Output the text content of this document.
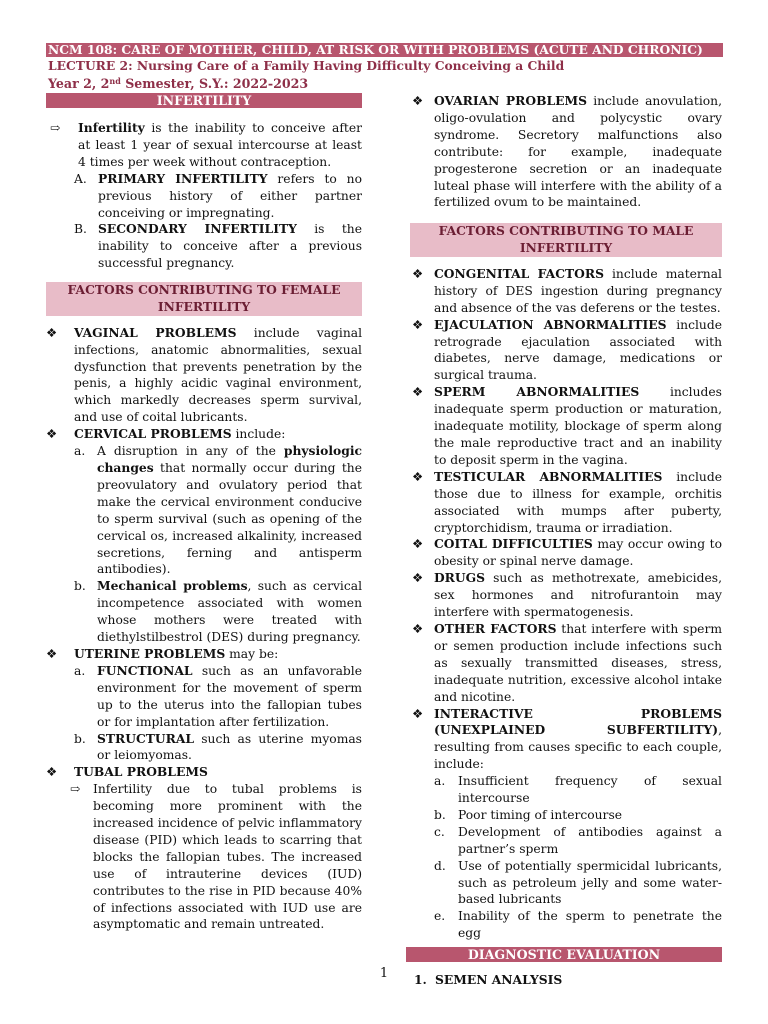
NCM 108: CARE OF MOTHER, CHILD, AT RISK OR WITH PROBLEMS (ACUTE AND CHRONIC)
LECTURE 2: Nursing Care of a Family Having Difficulty Conceiving a Child
Year 2, 2nd Semester, S.Y.: 2022-2023
INFERTILITY
⇨	Infertility is the inability to conceive after at least 1 year of sexual intercourse at least 4 times per week without contraception.
A. PRIMARY INFERTILITY refers to no previous history of either partner conceiving or impregnating.
B. SECONDARY INFERTILITY is the inability to conceive after a previous successful pregnancy.
FACTORS CONTRIBUTING TO FEMALE INFERTILITY
❖	VAGINAL PROBLEMS include vaginal infections, anatomic abnormalities, sexual dysfunction that prevents penetration by the penis, a highly acidic vaginal environment, which markedly decreases sperm survival, and use of coital lubricants.
❖	CERVICAL PROBLEMS include:
a. A disruption in any of the physiologic changes that normally occur during the preovulatory and ovulatory period that make the cervical environment conducive to sperm survival (such as opening of the cervical os, increased alkalinity, increased secretions, ferning and antisperm antibodies).
b. Mechanical problems, such as cervical incompetence associated with women whose mothers were treated with diethylstilbestrol (DES) during pregnancy.
❖	UTERINE PROBLEMS may be:
a. FUNCTIONAL such as an unfavorable environment for the movement of sperm up to the uterus into the fallopian tubes or for implantation after fertilization.
b. STRUCTURAL such as uterine myomas or leiomyomas.
❖	TUBAL PROBLEMS
⇨	Infertility due to tubal problems is becoming more prominent with the increased incidence of pelvic inflammatory disease (PID) which leads to scarring that blocks the fallopian tubes. The increased use of intrauterine devices (IUD) contributes to the rise in PID because 40% of infections associated with IUD use are asymptomatic and remain untreated.
❖ OVARIAN PROBLEMS include anovulation, oligo-ovulation and polycystic ovary syndrome. Secretory malfunctions also contribute: for example, inadequate progesterone secretion or an inadequate luteal phase will interfere with the ability of a fertilized ovum to be maintained.
FACTORS CONTRIBUTING TO MALE INFERTILITY
❖ CONGENITAL FACTORS include maternal history of DES ingestion during pregnancy and absence of the vas deferens or the testes.
❖ EJACULATION ABNORMALITIES include retrograde ejaculation associated with diabetes, nerve damage, medications or surgical trauma.
❖ SPERM ABNORMALITIES includes inadequate sperm production or maturation, inadequate motility, blockage of sperm along the male reproductive tract and an inability to deposit sperm in the vagina.
❖ TESTICULAR ABNORMALITIES include those due to illness for example, orchitis associated with mumps after puberty, cryptorchidism, trauma or irradiation.
❖ COITAL DIFFICULTIES may occur owing to obesity or spinal nerve damage.
❖ DRUGS such as methotrexate, amebicides, sex hormones and nitrofurantoin may interfere with spermatogenesis.
❖ OTHER FACTORS that interfere with sperm or semen production include infections such as sexually transmitted diseases, stress, inadequate nutrition, excessive alcohol intake and nicotine.
❖ INTERACTIVE PROBLEMS (UNEXPLAINED SUBFERTILITY), resulting from causes specific to each couple, include:
a.	Insufficient frequency of sexual intercourse
b. Poor timing of intercourse
c.	Development of antibodies against a partner’s sperm
d. Use of potentially spermicidal lubricants, such as petroleum jelly and some water-based lubricants
e.	Inability of the sperm to penetrate the egg
DIAGNOSTIC EVALUATION
1. SEMEN ANALYSIS
1
